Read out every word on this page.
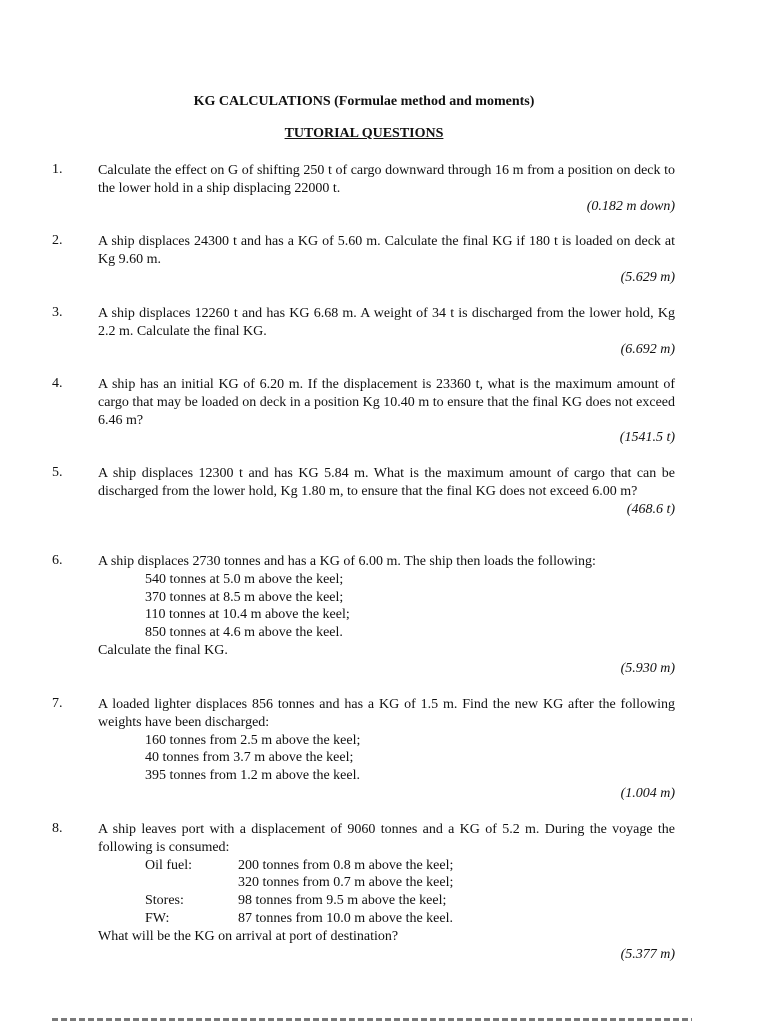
KG CALCULATIONS (Formulae method and moments)
TUTORIAL QUESTIONS
1.	Calculate the effect on G of shifting 250 t of cargo downward through 16 m from a position on deck to the lower hold in a ship displacing 22000 t.

(0.182 m down)

2.	A ship displaces 24300 t and has a KG of 5.60 m. Calculate the final KG if 180 t is loaded on deck at Kg 9.60 m.

(5.629 m)

3.	A ship displaces 12260 t and has KG 6.68 m. A weight of 34 t is discharged from the lower hold, Kg 2.2 m. Calculate the final KG.

(6.692 m)

4.	A ship has an initial KG of 6.20 m. If the displacement is 23360 t, what is the maximum amount of cargo that may be loaded on deck in a position Kg 10.40 m to ensure that the final KG does not exceed 6.46 m?

(1541.5 t)

5.	A ship displaces 12300 t and has KG 5.84 m. What is the maximum amount of cargo that can be discharged from the lower hold, Kg 1.80 m, to ensure that the final KG does not exceed 6.00 m?

(468.6 t)

6.	A ship displaces 2730 tonnes and has a KG of 6.00 m. The ship then loads the following:

540 tonnes at 5.0 m above the keel;

370 tonnes at 8.5 m above the keel;

110 tonnes at 10.4 m above the keel;

850 tonnes at 4.6 m above the keel.

Calculate the final KG.

(5.930 m)

7.	A loaded lighter displaces 856 tonnes and has a KG of 1.5 m. Find the new KG after the following weights have been discharged:

160 tonnes from 2.5 m above the keel;

40 tonnes from 3.7 m above the keel;

395 tonnes from 1.2 m above the keel.

(1.004 m)

8.	A ship leaves port with a displacement of 9060 tonnes and a KG of 5.2 m. During the voyage the following is consumed:

Oil fuel:	200 tonnes from 0.8 m above the keel;
320 tonnes from 0.7 m above the keel;
Stores:	98 tonnes from 9.5 m above the keel;
FW:	87 tonnes from 10.0 m above the keel.

What will be the KG on arrival at port of destination?

(5.377 m)
